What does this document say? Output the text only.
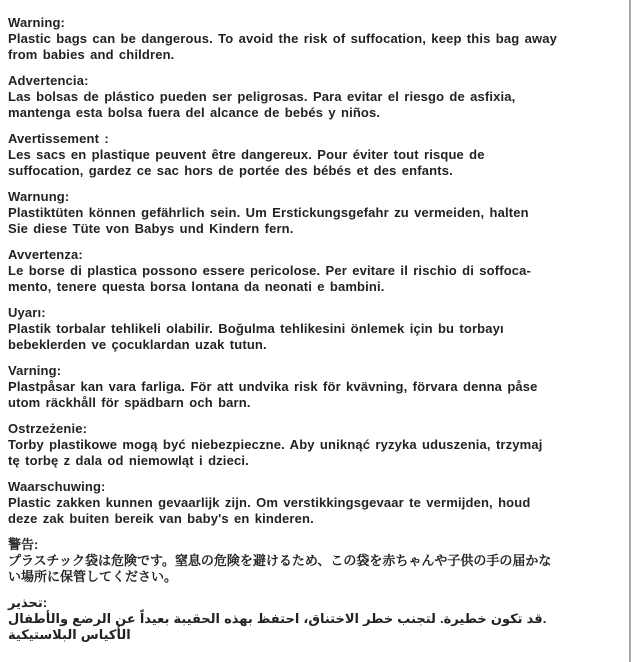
Warning:
Plastic bags can be dangerous. To avoid the risk of suffocation, keep this bag away
from babies and children.
Advertencia:
Las bolsas de plástico pueden ser peligrosas. Para evitar el riesgo de asfixia,
mantenga esta bolsa fuera del alcance de bebés y niños.
Avertissement :
Les sacs en plastique peuvent être dangereux. Pour éviter tout risque de
suffocation, gardez ce sac hors de portée des bébés et des enfants.
Warnung:
Plastiktüten können gefährlich sein. Um Erstickungsgefahr zu vermeiden, halten
Sie diese Tüte von Babys und Kindern fern.
Avvertenza:
Le borse di plastica possono essere pericolose. Per evitare il rischio di soffoca-
mento, tenere questa borsa lontana da neonati e bambini.
Uyarı:
Plastik torbalar tehlikeli olabilir. Boğulma tehlikesini önlemek için bu torbayı
bebeklerden ve çocuklardan uzak tutun.
Varning:
Plastpåsar kan vara farliga. För att undvika risk för kvävning, förvara denna påse
utom räckhåll för spädbarn och barn.
Ostrzeżenie:
Torby plastikowe mogą być niebezpieczne. Aby uniknąć ryzyka uduszenia, trzymaj
tę torbę z dala od niemowląt i dzieci.
Waarschuwing:
Plastic zakken kunnen gevaarlijk zijn. Om verstikkingsgevaar te vermijden, houd
deze zak buiten bereik van baby's en kinderen.
警告:
プラスチック袋は危険です。窒息の危険を避けるため、この袋を赤ちゃんや子供の手の届かな
い場所に保管してください。
تحذير:
قد تكون خطيرة. لتجنب خطر الاختناق، احتفظ بهذه الحقيبة بعيداً عن الرضع والأطفال.
الأكياس البلاستيكية
